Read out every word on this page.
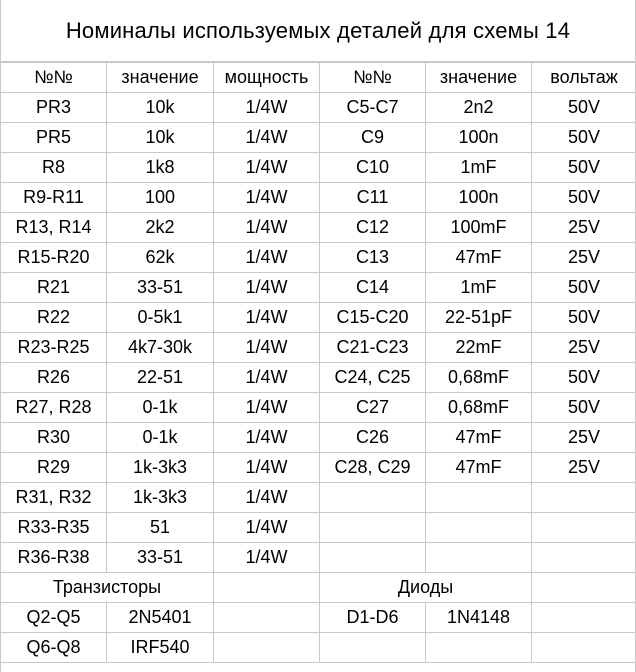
Номиналы используемых деталей для схемы 14
№№	значение	мощность	№№	значение	вольтаж
PR3	10k	1/4W	C5-C7	2n2	50V
PR5	10k	1/4W	C9	100n	50V
R8	1k8	1/4W	C10	1mF	50V
R9-R11	100	1/4W	C11	100n	50V
R13, R14	2k2	1/4W	C12	100mF	25V
R15-R20	62k	1/4W	C13	47mF	25V
R21	33-51	1/4W	C14	1mF	50V
R22	0-5k1	1/4W	C15-C20	22-51pF	50V
R23-R25	4k7-30k	1/4W	C21-C23	22mF	25V
R26	22-51	1/4W	C24, C25	0,68mF	50V
R27, R28	0-1k	1/4W	C27	0,68mF	50V
R30	0-1k	1/4W	C26	47mF	25V
R29	1k-3k3	1/4W	C28, C29	47mF	25V
R31, R32	1k-3k3	1/4W			
R33-R35	51	1/4W			
R36-R38	33-51	1/4W			
Транзисторы			Диоды		
Q2-Q5	2N5401		D1-D6	1N4148	
Q6-Q8	IRF540				
